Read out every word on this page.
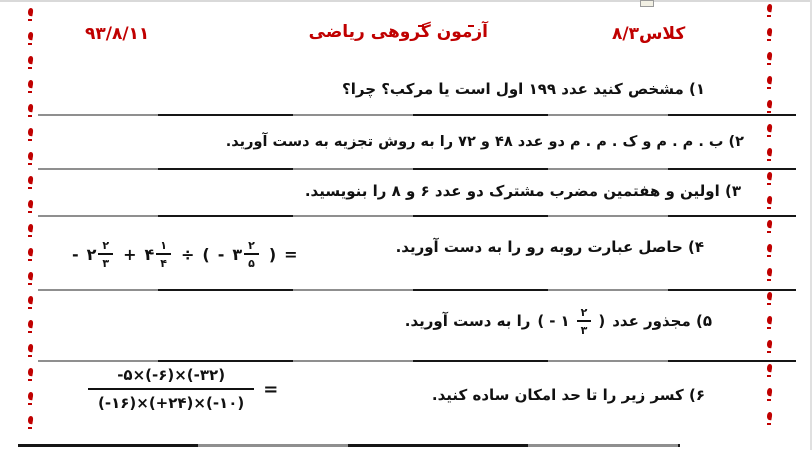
۹۳/۸/۱۱	آزمون گروهی ریاضی	کلاس۸/۳
۱) مشخص کنید عدد ۱۹۹ اول است یا مرکب؟ چرا؟
۲) ب . م . م و ک . م . م دو عدد ۴۸ و ۷۲ را به روش تجزیه به دست آورید.
۳) اولین و هفتمین مضرب مشترک دو عدد ۶ و ۸ را بنویسید.
۴) حاصل عبارت روبه رو را به دست آورید.
- ۲ $\frac{۲}{۳}$ + ۴ $\frac{۱}{۴}$ ÷ ( - ۳ $\frac{۲}{۵}$ ) =
۵) مجذور عدد
( - ۱ $\frac{۲}{۳}$ )
را به دست آورید.
۶) کسر زیر را تا حد امکان ساده کنید.
$\frac{-۵\times(-۶)\times(-۳۲)}{(-۱۶)\times(+۲۴)\times(-۱۰)}$ =
